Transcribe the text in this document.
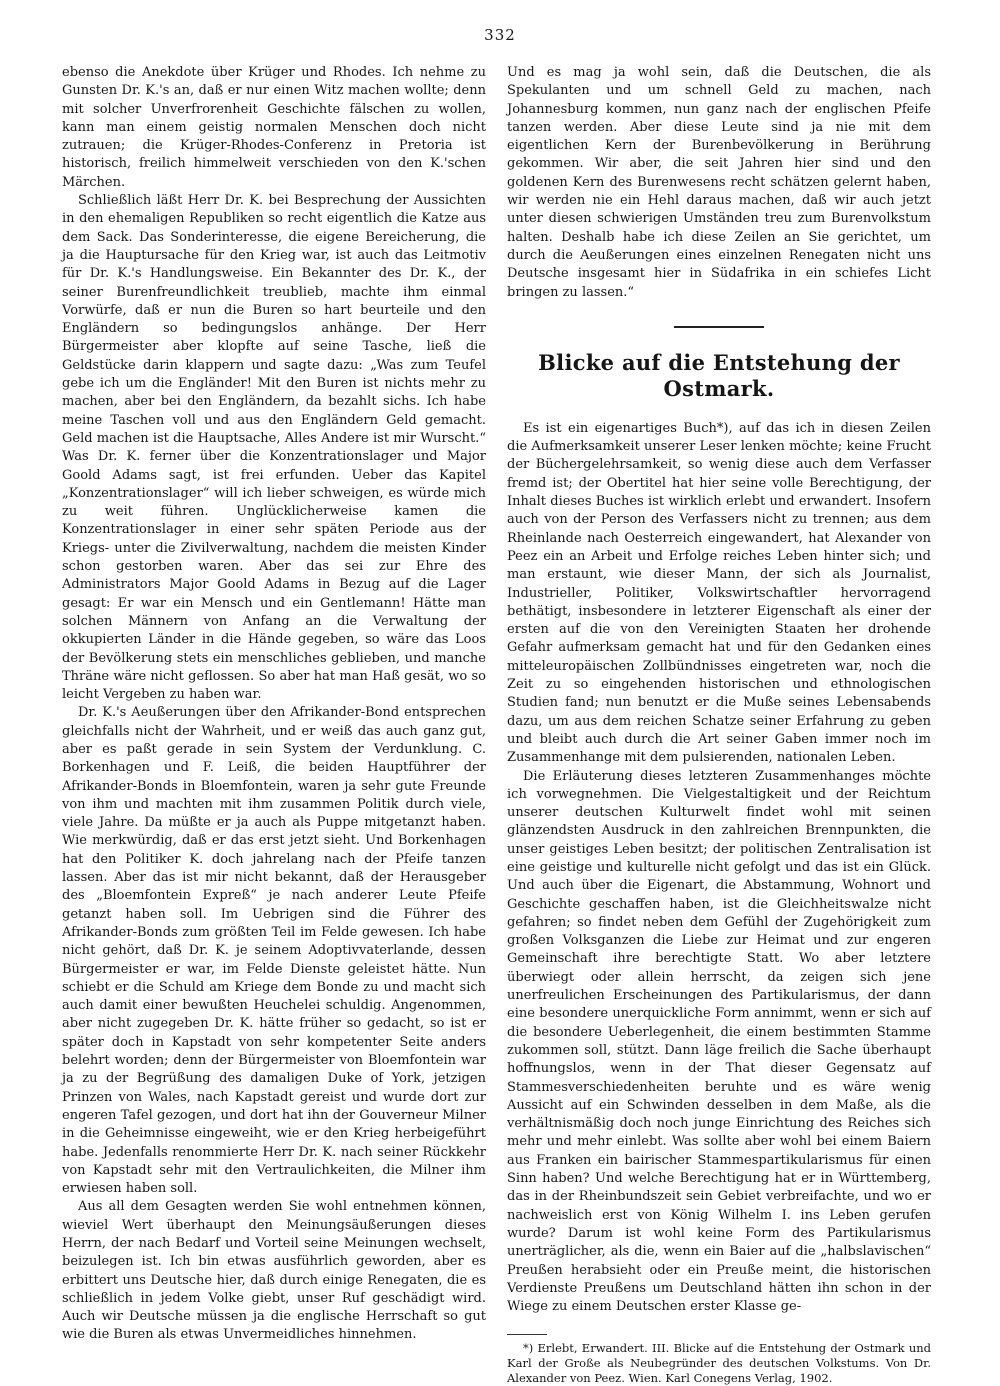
332

ebenso die Anekdote über Krüger und Rhodes. Ich nehme zu Gunsten Dr. K.'s an, daß er nur einen Witz machen wollte; denn mit solcher Unverfrorenheit Geschichte fälschen zu wollen, kann man einem geistig normalen Menschen doch nicht zutrauen; die Krüger-Rhodes-Conferenz in Pretoria ist historisch, freilich himmelweit verschieden von den K.'schen Märchen.

Schließlich läßt Herr Dr. K. bei Besprechung der Aussichten in den ehemaligen Republiken so recht eigentlich die Katze aus dem Sack. Das Sonderinteresse, die eigene Bereicherung, die ja die Hauptursache für den Krieg war, ist auch das Leitmotiv für Dr. K.'s Handlungsweise. Ein Bekannter des Dr. K., der seiner Burenfreundlichkeit treublieb, machte ihm einmal Vorwürfe, daß er nun die Buren so hart beurteile und den Engländern so bedingungslos anhänge. Der Herr Bürgermeister aber klopfte auf seine Tasche, ließ die Geldstücke darin klappern und sagte dazu: „Was zum Teufel gebe ich um die Engländer! Mit den Buren ist nichts mehr zu machen, aber bei den Engländern, da bezahlt sichs. Ich habe meine Taschen voll und aus den Engländern Geld gemacht. Geld machen ist die Hauptsache, Alles Andere ist mir Wurscht.“ Was Dr. K. ferner über die Konzentrationslager und Major Goold Adams sagt, ist frei erfunden. Ueber das Kapitel „Konzentrationslager“ will ich lieber schweigen, es würde mich zu weit führen. Unglücklicherweise kamen die Konzentrationslager in einer sehr späten Periode aus der Kriegs- unter die Zivilverwaltung, nachdem die meisten Kinder schon gestorben waren. Aber das sei zur Ehre des Administrators Major Goold Adams in Bezug auf die Lager gesagt: Er war ein Mensch und ein Gentlemann! Hätte man solchen Männern von Anfang an die Verwaltung der okkupierten Länder in die Hände gegeben, so wäre das Loos der Bevölkerung stets ein menschliches geblieben, und manche Thräne wäre nicht geflossen. So aber hat man Haß gesät, wo so leicht Vergeben zu haben war.

Dr. K.'s Aeußerungen über den Afrikander-Bond entsprechen gleichfalls nicht der Wahrheit, und er weiß das auch ganz gut, aber es paßt gerade in sein System der Verdunklung. C. Borkenhagen und F. Leiß, die beiden Hauptführer der Afrikander-Bonds in Bloemfontein, waren ja sehr gute Freunde von ihm und machten mit ihm zusammen Politik durch viele, viele Jahre. Da müßte er ja auch als Puppe mitgetanzt haben. Wie merkwürdig, daß er das erst jetzt sieht. Und Borkenhagen hat den Politiker K. doch jahrelang nach der Pfeife tanzen lassen. Aber das ist mir nicht bekannt, daß der Herausgeber des „Bloemfontein Expreß“ je nach anderer Leute Pfeife getanzt haben soll. Im Uebrigen sind die Führer des Afrikander-Bonds zum größten Teil im Felde gewesen. Ich habe nicht gehört, daß Dr. K. je seinem Adoptivvaterlande, dessen Bürgermeister er war, im Felde Dienste geleistet hätte. Nun schiebt er die Schuld am Kriege dem Bonde zu und macht sich auch damit einer bewußten Heuchelei schuldig. Angenommen, aber nicht zugegeben Dr. K. hätte früher so gedacht, so ist er später doch in Kapstadt von sehr kompetenter Seite anders belehrt worden; denn der Bürgermeister von Bloemfontein war ja zu der Begrüßung des damaligen Duke of York, jetzigen Prinzen von Wales, nach Kapstadt gereist und wurde dort zur engeren Tafel gezogen, und dort hat ihn der Gouverneur Milner in die Geheimnisse eingeweiht, wie er den Krieg herbeigeführt habe. Jedenfalls renommierte Herr Dr. K. nach seiner Rückkehr von Kapstadt sehr mit den Vertraulichkeiten, die Milner ihm erwiesen haben soll.

Aus all dem Gesagten werden Sie wohl entnehmen können, wieviel Wert überhaupt den Meinungsäußerungen dieses Herrn, der nach Bedarf und Vorteil seine Meinungen wechselt, beizulegen ist. Ich bin etwas ausführlich geworden, aber es erbittert uns Deutsche hier, daß durch einige Renegaten, die es schließlich in jedem Volke giebt, unser Ruf geschädigt wird. Auch wir Deutsche müssen ja die englische Herrschaft so gut wie die Buren als etwas Unvermeidliches hinnehmen.

Und es mag ja wohl sein, daß die Deutschen, die als Spekulanten und um schnell Geld zu machen, nach Johannesburg kommen, nun ganz nach der englischen Pfeife tanzen werden. Aber diese Leute sind ja nie mit dem eigentlichen Kern der Burenbevölkerung in Berührung gekommen. Wir aber, die seit Jahren hier sind und den goldenen Kern des Burenwesens recht schätzen gelernt haben, wir werden nie ein Hehl daraus machen, daß wir auch jetzt unter diesen schwierigen Umständen treu zum Burenvolkstum halten. Deshalb habe ich diese Zeilen an Sie gerichtet, um durch die Aeußerungen eines einzelnen Renegaten nicht uns Deutsche insgesamt hier in Südafrika in ein schiefes Licht bringen zu lassen.“

Blicke auf die Entstehung der Ostmark.

Es ist ein eigenartiges Buch*), auf das ich in diesen Zeilen die Aufmerksamkeit unserer Leser lenken möchte; keine Frucht der Büchergelehrsamkeit, so wenig diese auch dem Verfasser fremd ist; der Obertitel hat hier seine volle Berechtigung, der Inhalt dieses Buches ist wirklich erlebt und erwandert. Insofern auch von der Person des Verfassers nicht zu trennen; aus dem Rheinlande nach Oesterreich eingewandert, hat Alexander von Peez ein an Arbeit und Erfolge reiches Leben hinter sich; und man erstaunt, wie dieser Mann, der sich als Journalist, Industrieller, Politiker, Volkswirtschaftler hervorragend bethätigt, insbesondere in letzterer Eigenschaft als einer der ersten auf die von den Vereinigten Staaten her drohende Gefahr aufmerksam gemacht hat und für den Gedanken eines mitteleuropäischen Zollbündnisses eingetreten war, noch die Zeit zu so eingehenden historischen und ethnologischen Studien fand; nun benutzt er die Muße seines Lebensabends dazu, um aus dem reichen Schatze seiner Erfahrung zu geben und bleibt auch durch die Art seiner Gaben immer noch im Zusammenhange mit dem pulsierenden, nationalen Leben.

Die Erläuterung dieses letzteren Zusammenhanges möchte ich vorwegnehmen. Die Vielgestaltigkeit und der Reichtum unserer deutschen Kulturwelt findet wohl mit seinen glänzendsten Ausdruck in den zahlreichen Brennpunkten, die unser geistiges Leben besitzt; der politischen Zentralisation ist eine geistige und kulturelle nicht gefolgt und das ist ein Glück. Und auch über die Eigenart, die Abstammung, Wohnort und Geschichte geschaffen haben, ist die Gleichheitswalze nicht gefahren; so findet neben dem Gefühl der Zugehörigkeit zum großen Volksganzen die Liebe zur Heimat und zur engeren Gemeinschaft ihre berechtigte Statt. Wo aber letztere überwiegt oder allein herrscht, da zeigen sich jene unerfreulichen Erscheinungen des Partikularismus, der dann eine besondere unerquickliche Form annimmt, wenn er sich auf die besondere Ueberlegenheit, die einem bestimmten Stamme zukommen soll, stützt. Dann läge freilich die Sache überhaupt hoffnungslos, wenn in der That dieser Gegensatz auf Stammesverschiedenheiten beruhte und es wäre wenig Aussicht auf ein Schwinden desselben in dem Maße, als die verhältnismäßig doch noch junge Einrichtung des Reiches sich mehr und mehr einlebt. Was sollte aber wohl bei einem Baiern aus Franken ein bairischer Stammespartikularismus für einen Sinn haben? Und welche Berechtigung hat er in Württemberg, das in der Rheinbundszeit sein Gebiet verbreifachte, und wo er nachweislich erst von König Wilhelm I. ins Leben gerufen wurde? Darum ist wohl keine Form des Partikularismus unerträglicher, als die, wenn ein Baier auf die „halbslavischen“ Preußen herabsieht oder ein Preuße meint, die historischen Verdienste Preußens um Deutschland hätten ihn schon in der Wiege zu einem Deutschen erster Klasse ge-

*) Erlebt, Erwandert. III. Blicke auf die Entstehung der Ostmark und Karl der Große als Neubegründer des deutschen Volkstums. Von Dr. Alexander von Peez. Wien. Karl Conegens Verlag, 1902.
